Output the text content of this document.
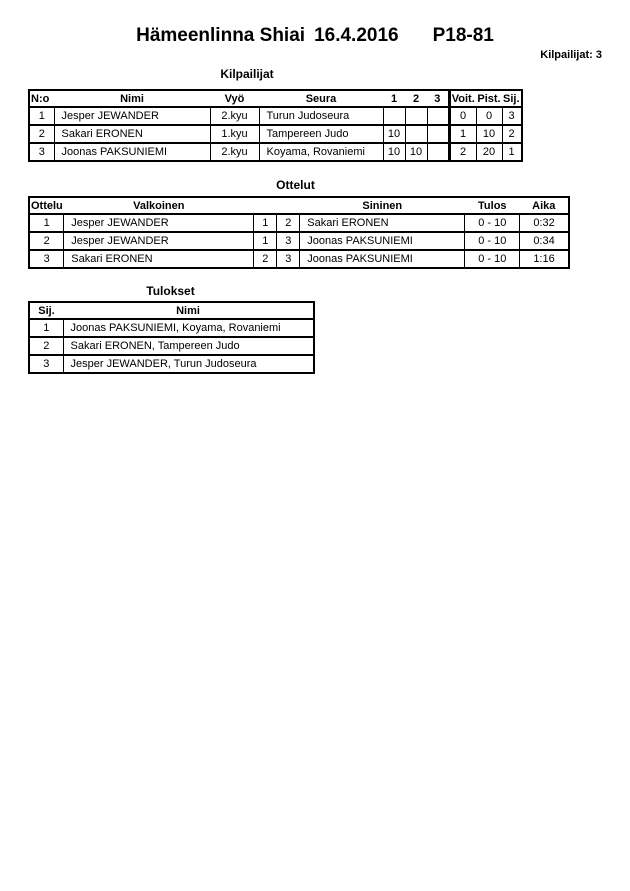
Hämeenlinna Shiai 16.4.2016 P18-81
Kilpailijat: 3
Kilpailijat
N:o	Nimi	Vyö	Seura	1	2	3	Voit.	Pist.	Sij.
1	Jesper JEWANDER	2.kyu	Turun Judoseura				0	0	3
2	Sakari ERONEN	1.kyu	Tampereen Judo	10			1	10	2
3	Joonas PAKSUNIEMI	2.kyu	Koyama, Rovaniemi	10	10		2	20	1
Ottelut
Ottelu	Valkoinen			Sininen	Tulos	Aika
1	Jesper JEWANDER	1	2	Sakari ERONEN	0 - 10	0:32
2	Jesper JEWANDER	1	3	Joonas PAKSUNIEMI	0 - 10	0:34
3	Sakari ERONEN	2	3	Joonas PAKSUNIEMI	0 - 10	1:16
Tulokset
Sij.	Nimi
1	Joonas PAKSUNIEMI, Koyama, Rovaniemi
2	Sakari ERONEN, Tampereen Judo
3	Jesper JEWANDER, Turun Judoseura
